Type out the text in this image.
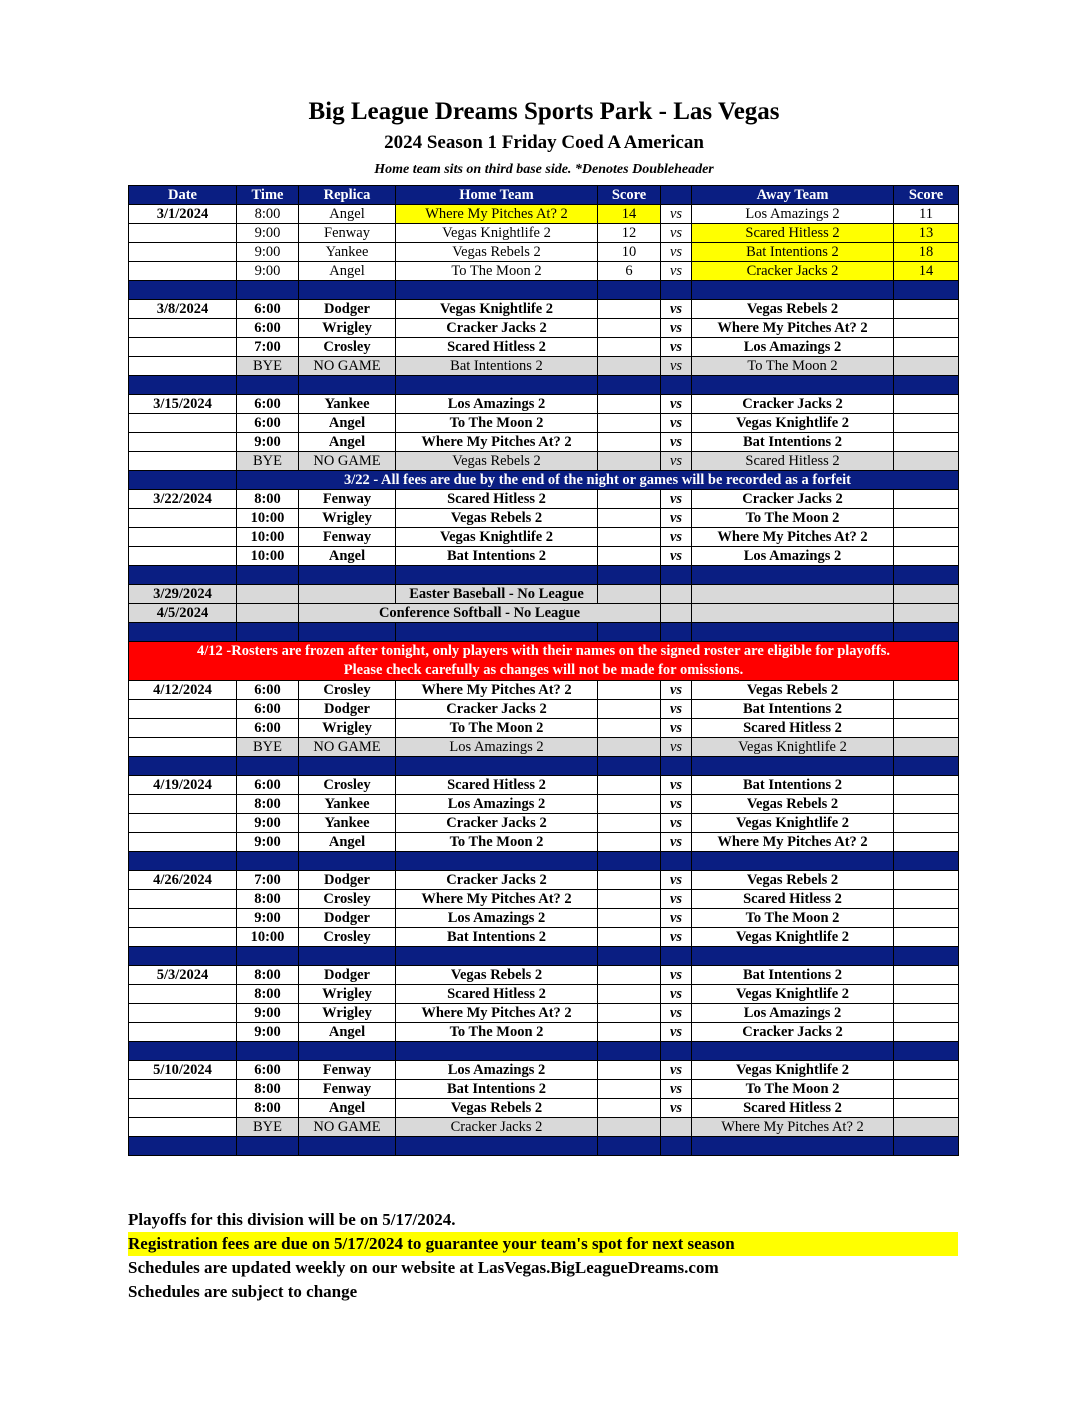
Big League Dreams Sports Park - Las Vegas
2024 Season 1 Friday Coed A American
Home team sits on third base side. *Denotes Doubleheader
Date	Time	Replica	Home Team	Score		Away Team	Score
3/1/2024	8:00	Angel	Where My Pitches At? 2	14	vs	Los Amazings 2	11
	9:00	Fenway	Vegas Knightlife 2	12	vs	Scared Hitless 2	13
	9:00	Yankee	Vegas Rebels 2	10	vs	Bat Intentions 2	18
	9:00	Angel	To The Moon 2	6	vs	Cracker Jacks 2	14

3/8/2024	6:00	Dodger	Vegas Knightlife 2		vs	Vegas Rebels 2	
	6:00	Wrigley	Cracker Jacks 2		vs	Where My Pitches At? 2	
	7:00	Crosley	Scared Hitless 2		vs	Los Amazings 2	
	BYE	NO GAME	Bat Intentions 2		vs	To The Moon 2	

3/15/2024	6:00	Yankee	Los Amazings 2		vs	Cracker Jacks 2	
	6:00	Angel	To The Moon 2		vs	Vegas Knightlife 2	
	9:00	Angel	Where My Pitches At? 2		vs	Bat Intentions 2	
	BYE	NO GAME	Vegas Rebels 2		vs	Scared Hitless 2	
	3/22 - All fees are due by the end of the night or games will be recorded as a forfeit						
3/22/2024	8:00	Fenway	Scared Hitless 2		vs	Cracker Jacks 2	
	10:00	Wrigley	Vegas Rebels 2		vs	To The Moon 2	
	10:00	Fenway	Vegas Knightlife 2		vs	Where My Pitches At? 2	
	10:00	Angel	Bat Intentions 2		vs	Los Amazings 2	

3/29/2024			Easter Baseball - No League				
4/5/2024		Conference Softball - No League					

4/12 -Rosters are frozen after tonight, only players with their names on the signed roster are eligible for playoffs.
Please check carefully as changes will not be made for omissions.							

4/12/2024	6:00	Crosley	Where My Pitches At? 2		vs	Vegas Rebels 2	
	6:00	Dodger	Cracker Jacks 2		vs	Bat Intentions 2	
	6:00	Wrigley	To The Moon 2		vs	Scared Hitless 2	
	BYE	NO GAME	Los Amazings 2		vs	Vegas Knightlife 2	

4/19/2024	6:00	Crosley	Scared Hitless 2		vs	Bat Intentions 2	
	8:00	Yankee	Los Amazings 2		vs	Vegas Rebels 2	
	9:00	Yankee	Cracker Jacks 2		vs	Vegas Knightlife 2	
	9:00	Angel	To The Moon 2		vs	Where My Pitches At? 2	

4/26/2024	7:00	Dodger	Cracker Jacks 2		vs	Vegas Rebels 2	
	8:00	Crosley	Where My Pitches At? 2		vs	Scared Hitless 2	
	9:00	Dodger	Los Amazings 2		vs	To The Moon 2	
	10:00	Crosley	Bat Intentions 2		vs	Vegas Knightlife 2	

5/3/2024	8:00	Dodger	Vegas Rebels 2		vs	Bat Intentions 2	
	8:00	Wrigley	Scared Hitless 2		vs	Vegas Knightlife 2	
	9:00	Wrigley	Where My Pitches At? 2		vs	Los Amazings 2	
	9:00	Angel	To The Moon 2		vs	Cracker Jacks 2	

5/10/2024	6:00	Fenway	Los Amazings 2		vs	Vegas Knightlife 2	
	8:00	Fenway	Bat Intentions 2		vs	To The Moon 2	
	8:00	Angel	Vegas Rebels 2		vs	Scared Hitless 2	
	BYE	NO GAME	Cracker Jacks 2			Where My Pitches At? 2	

Playoffs for this division will be on 5/17/2024.
Registration fees are due on 5/17/2024 to guarantee your team's spot for next season
Schedules are updated weekly on our website at LasVegas.BigLeagueDreams.com
Schedules are subject to change
